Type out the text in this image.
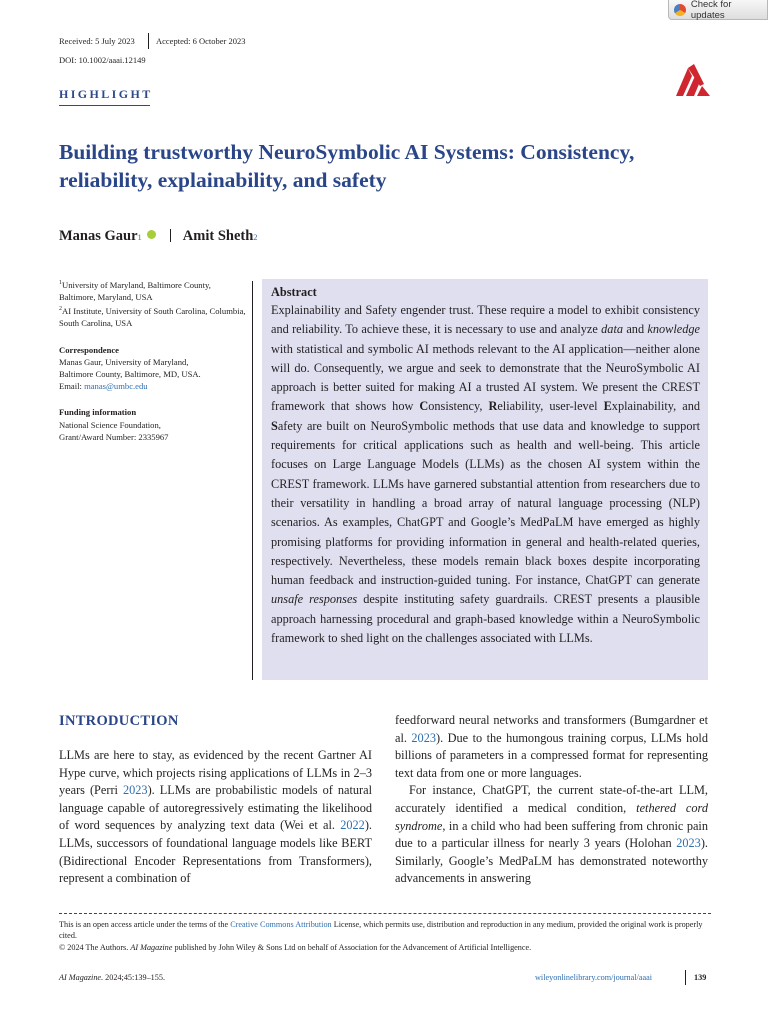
Check for updates
Received: 5 July 2023 Accepted: 6 October 2023
DOI: 10.1002/aaai.12149
HIGHLIGHT
Building trustworthy NeuroSymbolic AI Systems: Consistency, reliability, explainability, and safety
Manas Gaur 1	Amit Sheth 2

$^1$University of Maryland, Baltimore County, Baltimore, Maryland, USA

$^2$AI Institute, University of South Carolina, Columbia, South Carolina, USA

Correspondence

Manas Gaur, University of Maryland,

Baltimore County, Baltimore, MD, USA.

Email: manas@umbc.edu

Funding information

National Science Foundation,

Grant/Award Number: 2335967

Abstract
Explainability and Safety engender trust. These require a model to exhibit consistency and reliability. To achieve these, it is necessary to use and analyze data and knowledge with statistical and symbolic AI methods relevant to the AI application—neither alone will do. Consequently, we argue and seek to demonstrate that the NeuroSymbolic AI approach is better suited for making AI a trusted AI system. We present the CREST framework that shows how Consistency, Reliability, user-level Explainability, and Safety are built on NeuroSymbolic methods that use data and knowledge to support requirements for critical applications such as health and well-being. This article focuses on Large Language Models (LLMs) as the chosen AI system within the CREST framework. LLMs have garnered substantial attention from researchers due to their versatility in handling a broad array of natural language processing (NLP) scenarios. As examples, ChatGPT and Google’s MedPaLM have emerged as highly promising platforms for providing information in general and health-related queries, respectively. Nevertheless, these models remain black boxes despite incorporating human feedback and instruction-guided tuning. For instance, ChatGPT can generate unsafe responses despite instituting safety guardrails. CREST presents a plausible approach harnessing procedural and graph-based knowledge within a NeuroSymbolic framework to shed light on the challenges associated with LLMs.
INTRODUCTION

LLMs are here to stay, as evidenced by the recent Gartner AI Hype curve, which projects rising applications of LLMs in 2–3 years (Perri 2023). LLMs are probabilistic models of natural language capable of autoregressively estimating the likelihood of word sequences by analyzing text data (Wei et al. 2022). LLMs, successors of foundational language models like BERT (Bidirectional Encoder Representations from Transformers), represent a combination of

feedforward neural networks and transformers (Bumgardner et al. 2023). Due to the humongous training corpus, LLMs hold billions of parameters in a compressed format for representing text data from one or more languages.

For instance, ChatGPT, the current state-of-the-art LLM, accurately identified a medical condition, tethered cord syndrome, in a child who had been suffering from chronic pain due to a particular illness for nearly 3 years (Holohan 2023). Similarly, Google’s MedPaLM has demonstrated noteworthy advancements in answering

This is an open access article under the terms of the Creative Commons Attribution License, which permits use, distribution and reproduction in any medium, provided the original work is properly cited.

© 2024 The Authors. AI Magazine published by John Wiley & Sons Ltd on behalf of Association for the Advancement of Artificial Intelligence.

AI Magazine. 2024;45:139–155.	wileyonlinelibrary.com/journal/aaai	139
